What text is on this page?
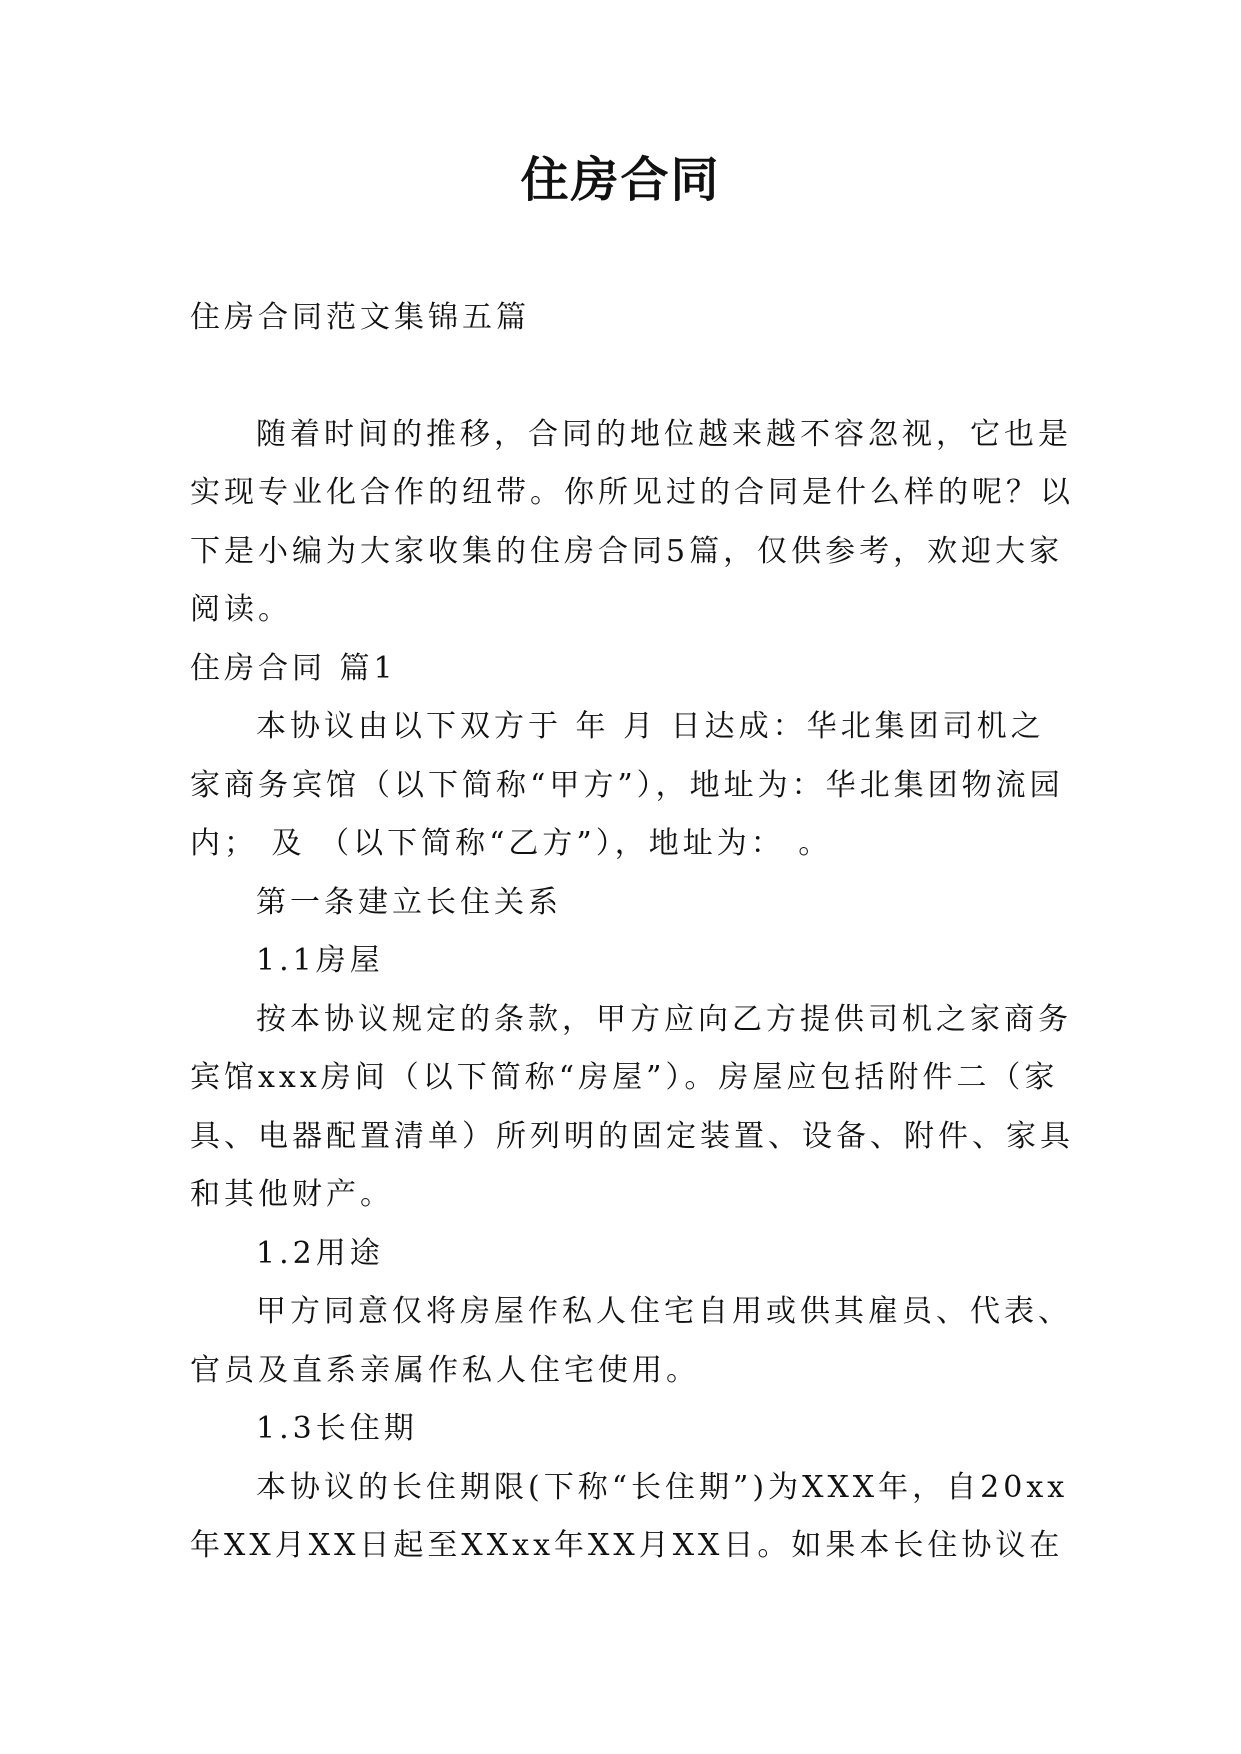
住房合同

住房合同范文集锦五篇

随着时间的推移，合同的地位越来越不容忽视，它也是

实现专业化合作的纽带。你所见过的合同是什么样的呢？以

下是小编为大家收集的住房合同5篇，仅供参考，欢迎大家

阅读。

住房合同 篇1

本协议由以下双方于 年 月 日达成：华北集团司机之

家商务宾馆（以下简称“甲方”），地址为：华北集团物流园

内； 及 （以下简称“乙方”），地址为： 。

第一条建立长住关系

1.1房屋

按本协议规定的条款，甲方应向乙方提供司机之家商务

宾馆xxx房间（以下简称“房屋”）。房屋应包括附件二（家

具、电器配置清单）所列明的固定装置、设备、附件、家具

和其他财产。

1.2用途

甲方同意仅将房屋作私人住宅自用或供其雇员、代表、

官员及直系亲属作私人住宅使用。

1.3长住期

本协议的长住期限(下称“长住期”)为XXX年，自20xx

年XX月XX日起至XXxx年XX月XX日。如果本长住协议在
